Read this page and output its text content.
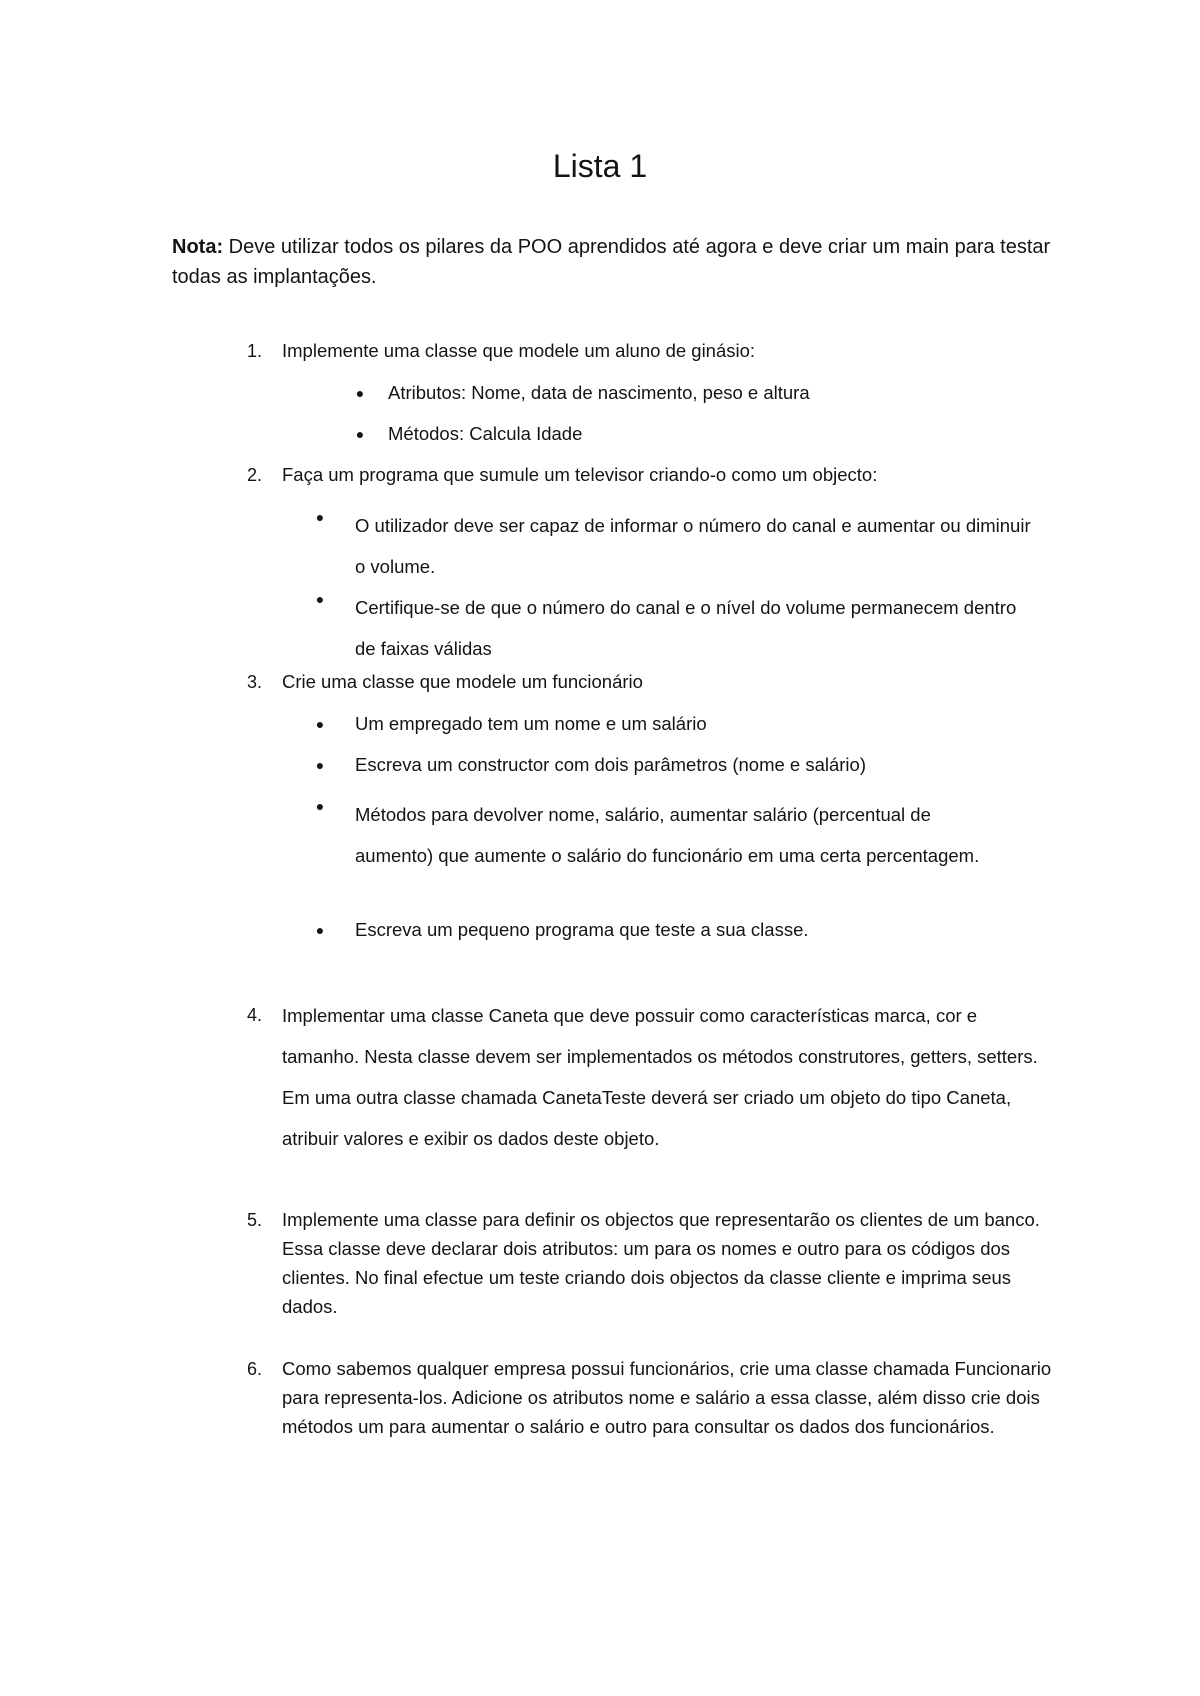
Lista 1

Nota: Deve utilizar todos os pilares da POO aprendidos até agora e deve criar um main para testar todas as implantações.

1. Implemente uma classe que modele um aluno de ginásio:
● Atributos: Nome, data de nascimento, peso e altura
● Métodos: Calcula Idade
2. Faça um programa que sumule um televisor criando-o como um objecto:
● O utilizador deve ser capaz de informar o número do canal e aumentar ou diminuir o volume.
● Certifique-se de que o número do canal e o nível do volume permanecem dentro de faixas válidas
3. Crie uma classe que modele um funcionário
● Um empregado tem um nome e um salário
● Escreva um constructor com dois parâmetros (nome e salário)
● Métodos para devolver nome, salário, aumentar salário (percentual de aumento) que aumente o salário do funcionário em uma certa percentagem.
● Escreva um pequeno programa que teste a sua classe.
4. Implementar uma classe Caneta que deve possuir como características marca, cor e tamanho. Nesta classe devem ser implementados os métodos construtores, getters, setters. Em uma outra classe chamada CanetaTeste deverá ser criado um objeto do tipo Caneta, atribuir valores e exibir os dados deste objeto.

5. Implemente uma classe para definir os objectos que representarão os clientes de um banco. Essa classe deve declarar dois atributos: um para os nomes e outro para os códigos dos clientes. No final efectue um teste criando dois objectos da classe cliente e imprima seus dados.

6. Como sabemos qualquer empresa possui funcionários, crie uma classe chamada Funcionario para representa-los. Adicione os atributos nome e salário a essa classe, além disso crie dois métodos um para aumentar o salário e outro para consultar os dados dos funcionários.
